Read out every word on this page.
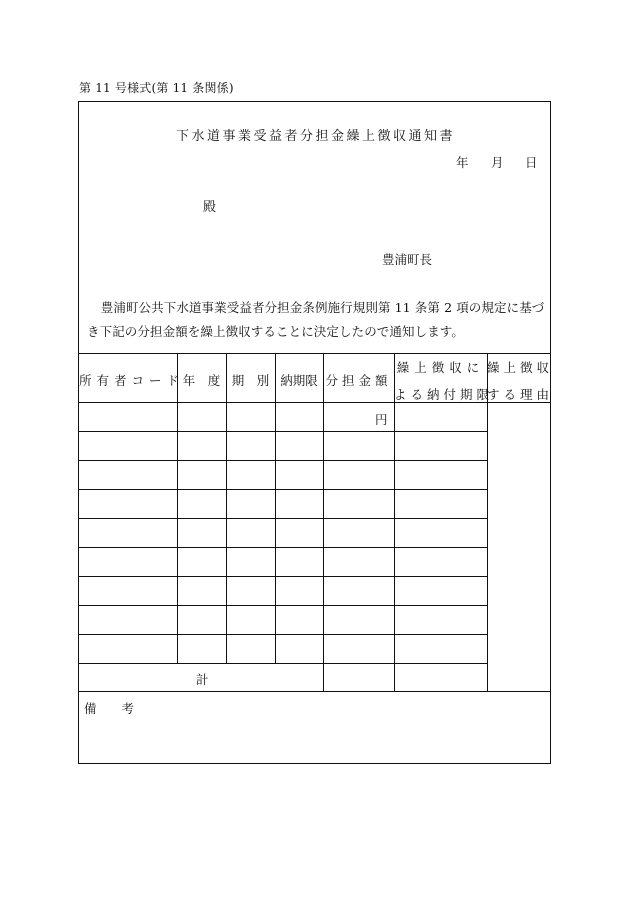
第 11 号様式(第 11 条関係)
下水道事業受益者分担金繰上徴収通知書
年 月 日
殿
豊浦町長
豊浦町公共下水道事業受益者分担金条例施行規則第 11 条第 2 項の規定に基づき下記の分担金額を繰上徴収することに決定したので通知します。
所有者コード
年　度 期　別 納期限 分担金額
繰上徴収に
よる納付期限
繰上徴収
する理由
円
計
備　　考
